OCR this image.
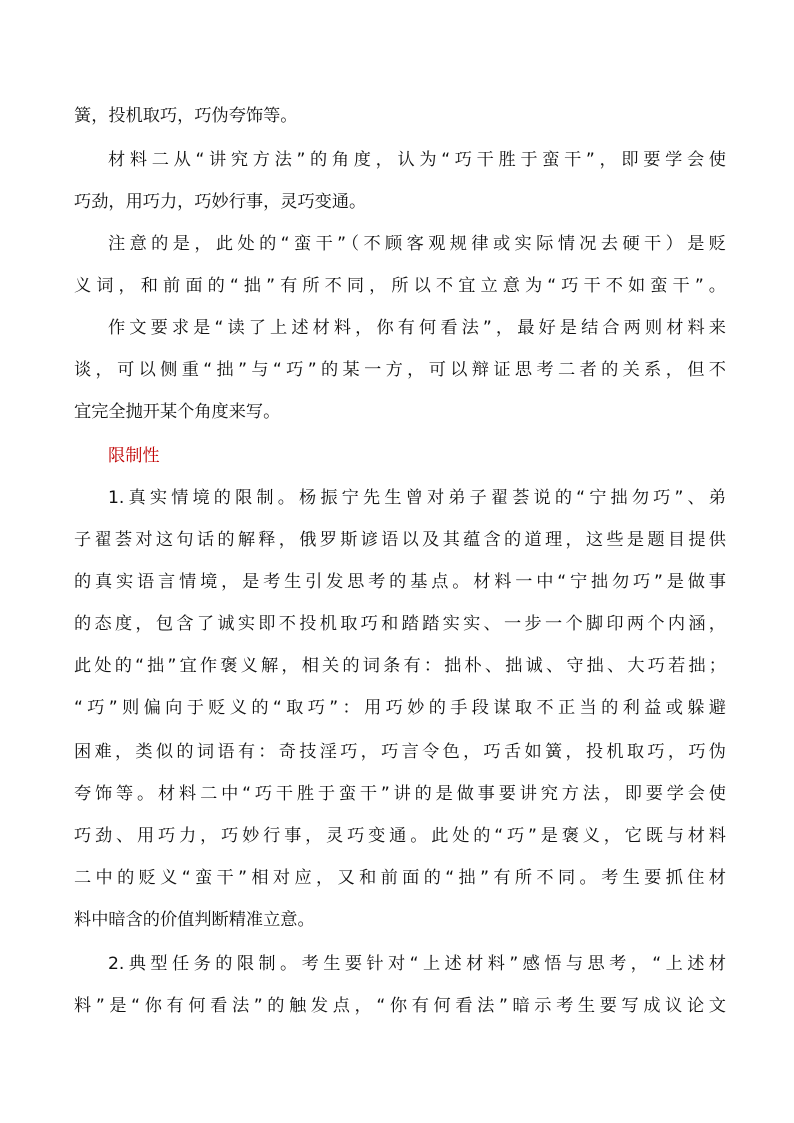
簧，投机取巧，巧伪夸饰等。
材料二从“讲究方法”的角度，认为“巧干胜于蛮干”，即要学会使
巧劲，用巧力，巧妙行事，灵巧变通。
注意的是，此处的“蛮干”（不顾客观规律或实际情况去硬干）是贬
义词，和前面的“拙”有所不同，所以不宜立意为“巧干不如蛮干”。
作文要求是“读了上述材料，你有何看法”，最好是结合两则材料来
谈，可以侧重“拙”与“巧”的某一方，可以辩证思考二者的关系，但不
宜完全抛开某个角度来写。
限制性
1.真实情境的限制。杨振宁先生曾对弟子翟荟说的“宁拙勿巧”、弟
子翟荟对这句话的解释，俄罗斯谚语以及其蕴含的道理，这些是题目提供
的真实语言情境，是考生引发思考的基点。材料一中“宁拙勿巧”是做事
的态度，包含了诚实即不投机取巧和踏踏实实、一步一个脚印两个内涵，
此处的“拙”宜作褒义解，相关的词条有：拙朴、拙诚、守拙、大巧若拙；
“巧”则偏向于贬义的“取巧”：用巧妙的手段谋取不正当的利益或躲避
困难，类似的词语有：奇技淫巧，巧言令色，巧舌如簧，投机取巧，巧伪
夸饰等。材料二中“巧干胜于蛮干”讲的是做事要讲究方法，即要学会使
巧劲、用巧力，巧妙行事，灵巧变通。此处的“巧”是褒义，它既与材料
二中的贬义“蛮干”相对应，又和前面的“拙”有所不同。考生要抓住材
料中暗含的价值判断精准立意。
2.典型任务的限制。考生要针对“上述材料”感悟与思考，“上述材
料”是“你有何看法”的触发点，“你有何看法”暗示考生要写成议论文
